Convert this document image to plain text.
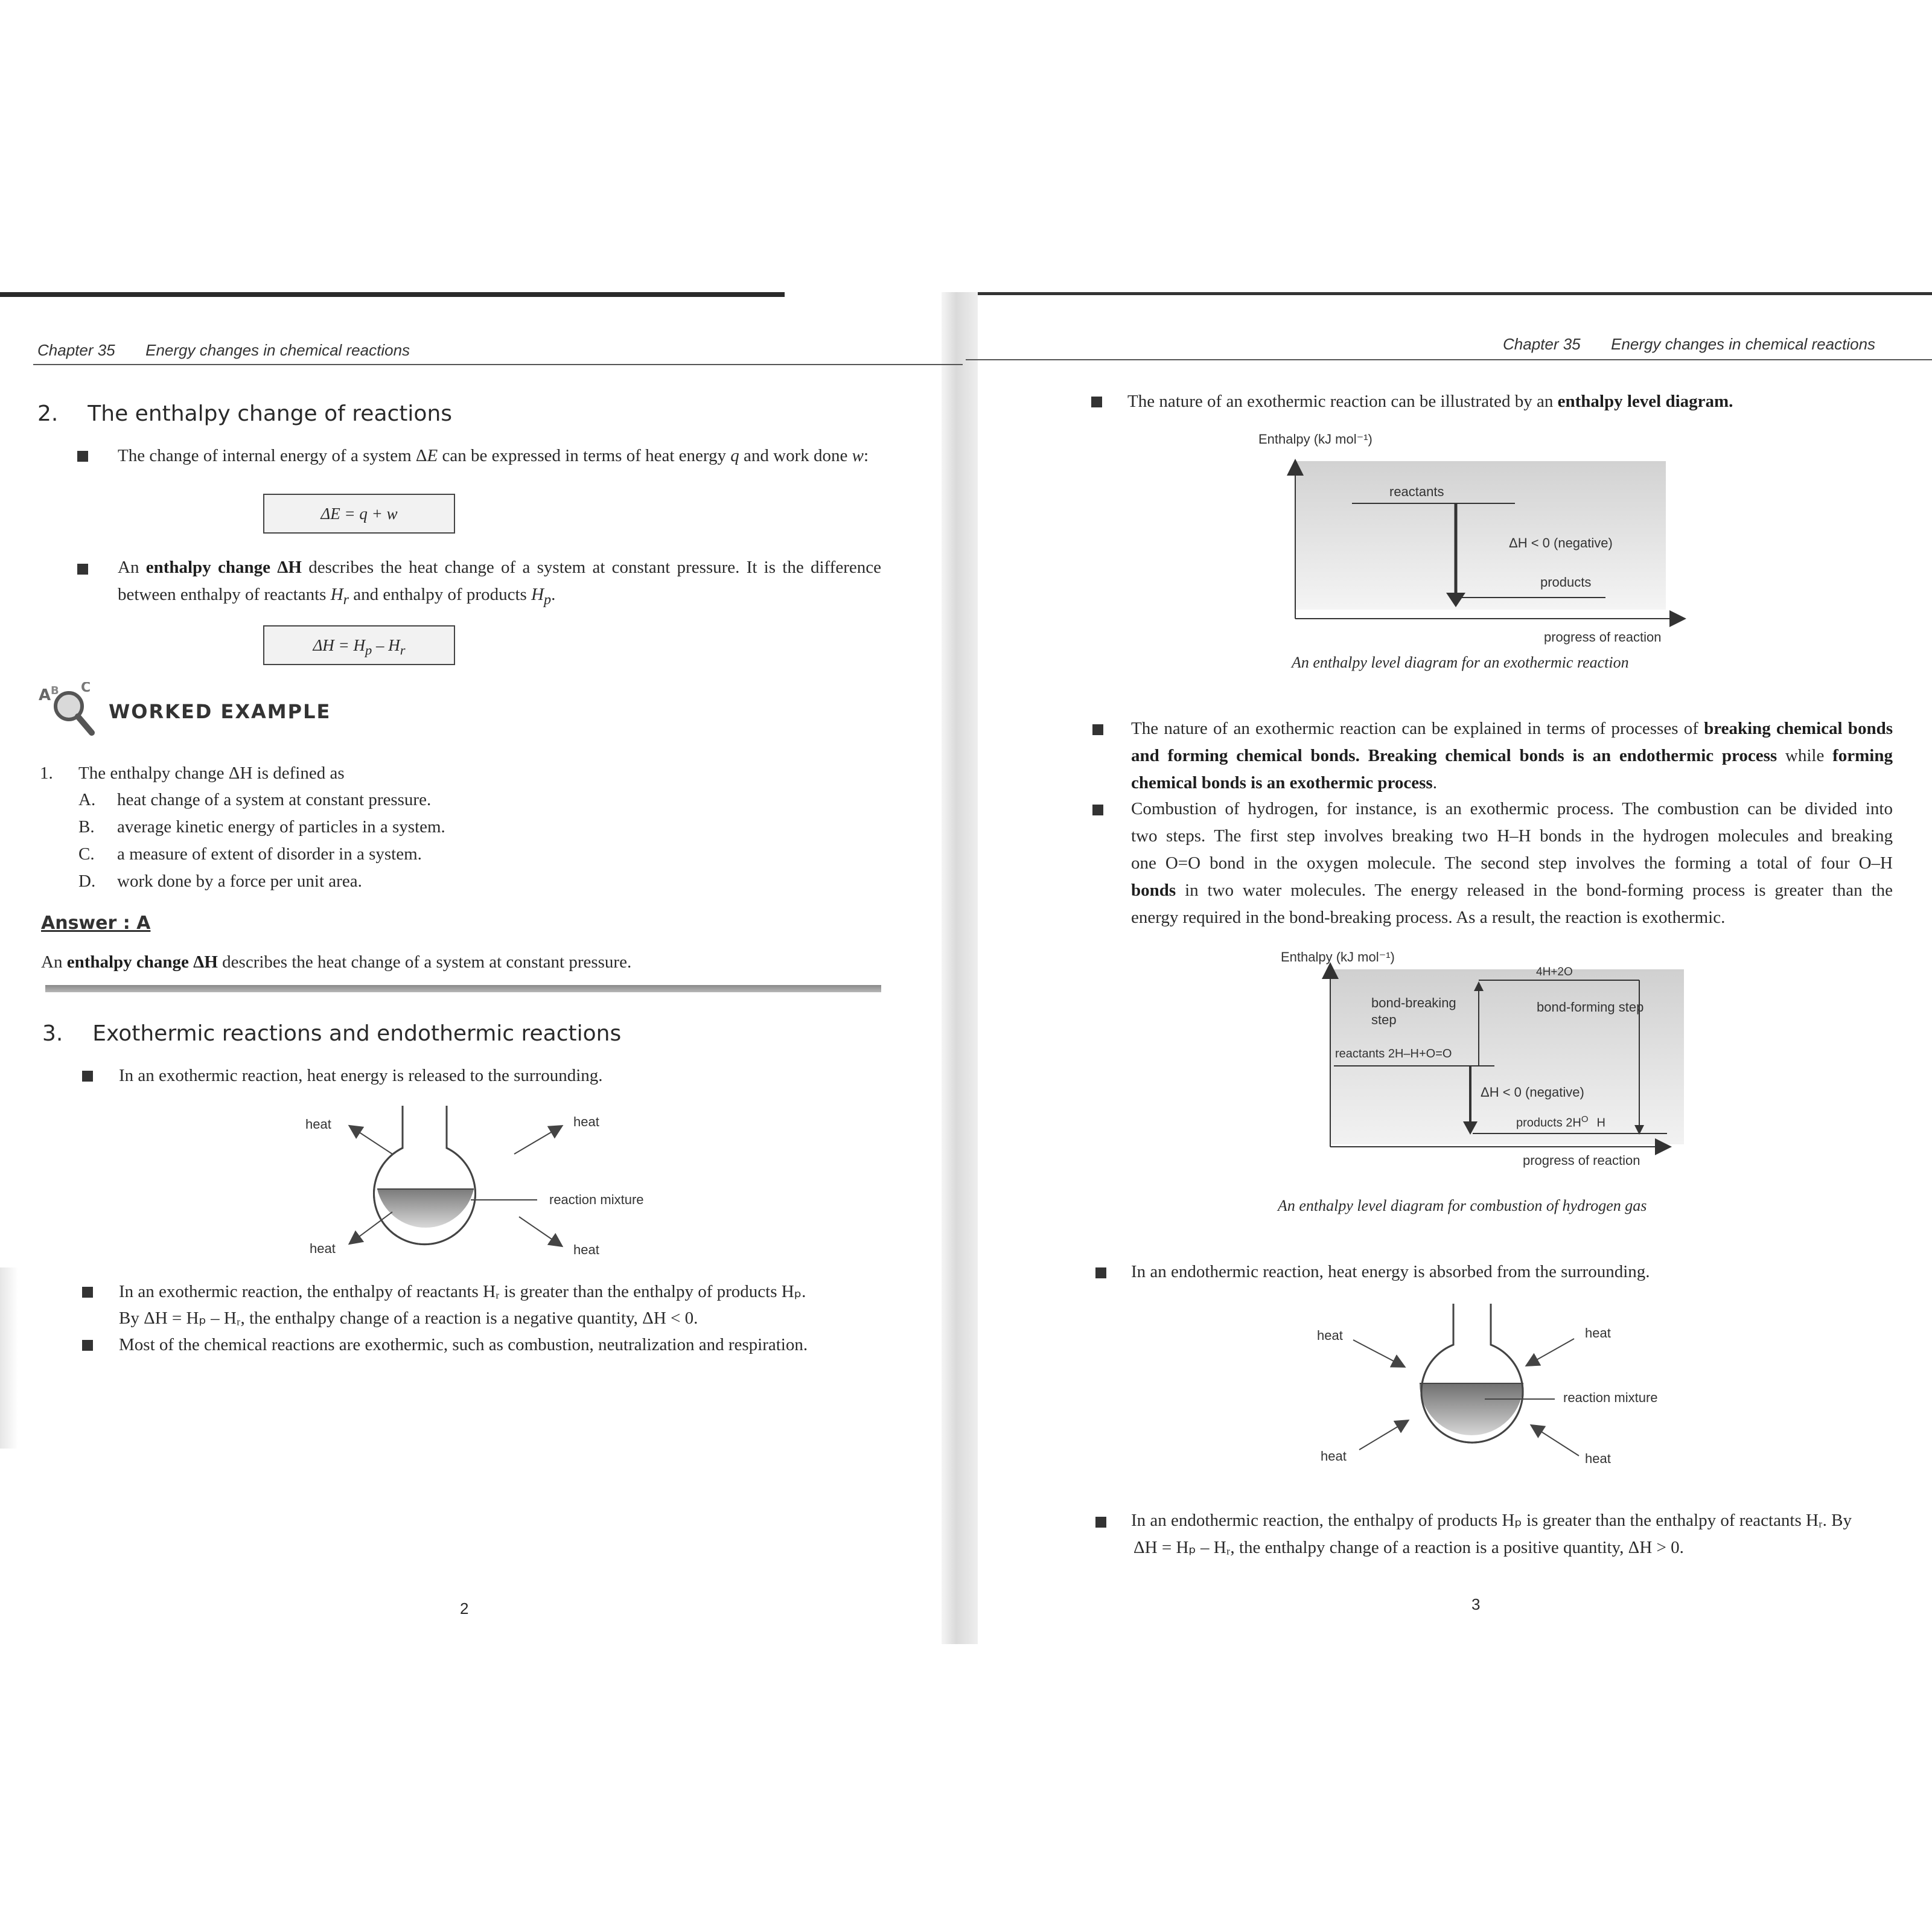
Chapter 35 Energy changes in chemical reactions
2. The enthalpy change of reactions
The change of internal energy of a system ΔE can be expressed in terms of heat energy q and work done w:
ΔE = q + w
An enthalpy change ΔH describes the heat change of a system at constant pressure. It is the difference between enthalpy of reactants $H_r$ and enthalpy of products $H_p$.
$\Delta H = H_p - H_r$
A B C
WORKED EXAMPLE
1. The enthalpy change ΔH is defined as
A. heat change of a system at constant pressure.
B. average kinetic energy of particles in a system.
C. a measure of extent of disorder in a system.
D. work done by a force per unit area.
Answer : A
An enthalpy change ΔH describes the heat change of a system at constant pressure.
3. Exothermic reactions and endothermic reactions
In an exothermic reaction, heat energy is released to the surrounding.
heat	heat
heat	heat
reaction mixture
In an exothermic reaction, the enthalpy of reactants Hᵣ is greater than the enthalpy of products Hₚ.
By ΔH = Hₚ – Hᵣ, the enthalpy change of a reaction is a negative quantity, ΔH < 0.
Most of the chemical reactions are exothermic, such as combustion, neutralization and respiration.
2
Chapter 35 Energy changes in chemical reactions
The nature of an exothermic reaction can be illustrated by an enthalpy level diagram.
Enthalpy (kJ mol⁻¹)
reactants
ΔH < 0 (negative)
products
progress of reaction
An enthalpy level diagram for an exothermic reaction
The nature of an exothermic reaction can be explained in terms of processes of breaking chemical bonds and forming chemical bonds. Breaking chemical bonds is an endothermic process while forming chemical bonds is an exothermic process.
Combustion of hydrogen, for instance, is an exothermic process. The combustion can be divided into
two steps. The first step involves breaking two H–H bonds in the hydrogen molecules and breaking
one O=O bond in the oxygen molecule. The second step involves the forming a total of four O–H
bonds in two water molecules. The energy released in the bond-forming process is greater than the
energy required in the bond-breaking process. As a result, the reaction is exothermic.
Enthalpy (kJ mol⁻¹)
4H+2O
bond-breaking step
bond-forming step
reactants 2H–H+O=O
ΔH < 0 (negative)
products $2H^O$ H
progress of reaction
An enthalpy level diagram for combustion of hydrogen gas
In an endothermic reaction, heat energy is absorbed from the surrounding.
heat	heat
heat	heat
reaction mixture
In an endothermic reaction, the enthalpy of products Hₚ is greater than the enthalpy of reactants Hᵣ. By
ΔH = Hₚ – Hᵣ, the enthalpy change of a reaction is a positive quantity, ΔH > 0.
3
